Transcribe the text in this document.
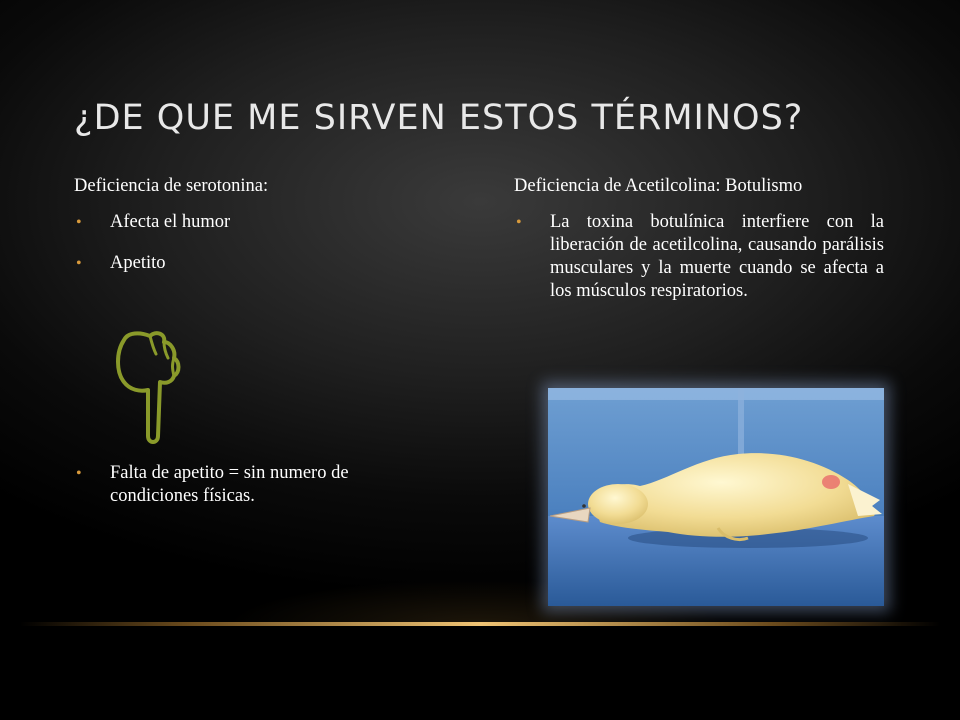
¿DE QUE ME SIRVEN ESTOS TÉRMINOS?

Deficiencia de serotonina:

• Afecta el humor
• Apetito
• Falta de apetito = sin numero de condiciones físicas.

Deficiencia de Acetilcolina: Botulismo

• La toxina botulínica interfiere con la liberación de acetilcolina, causando parálisis musculares y la muerte cuando se afecta a los músculos respiratorios.
